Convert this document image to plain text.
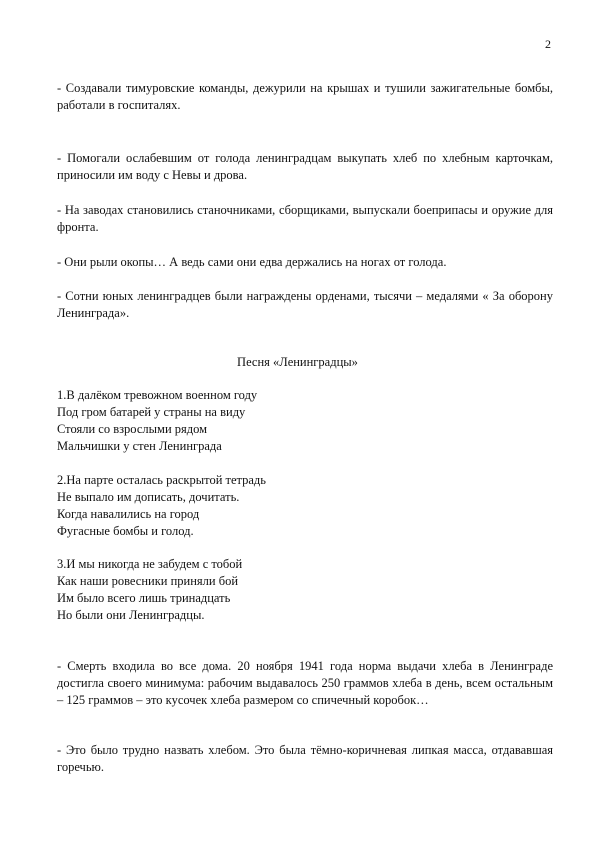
2

- Создавали тимуровские команды, дежурили на крышах и тушили зажигательные бомбы, работали в госпиталях.

- Помогали ослабевшим от голода ленинградцам выкупать хлеб по хлебным карточкам, приносили им воду с Невы и дрова.

- На заводах становились станочниками, сборщиками, выпускали боеприпасы и оружие для фронта.

- Они рыли окопы… А ведь сами они едва держались на ногах от голода.

- Сотни юных ленинградцев были награждены орденами, тысячи – медалями « За оборону Ленинграда».

Песня «Ленинградцы»

1.В далёком тревожном военном году
Под гром батарей у страны на виду
Стояли со взрослыми рядом
Мальчишки у стен Ленинграда
2.На парте осталась раскрытой тетрадь
Не выпало им дописать, дочитать.
Когда навалились на город
Фугасные бомбы и голод.
3.И мы никогда не забудем с тобой
Как наши ровесники приняли бой
Им было всего лишь тринадцать
Но были они Ленинградцы.

- Смерть входила во все дома. 20 ноября 1941 года норма выдачи хлеба в Ленинграде достигла своего минимума: рабочим выдавалось 250 граммов хлеба в день, всем остальным – 125 граммов – это кусочек хлеба размером со спичечный коробок…

- Это было трудно назвать хлебом. Это была тёмно-коричневая липкая масса, отдававшая горечью.
